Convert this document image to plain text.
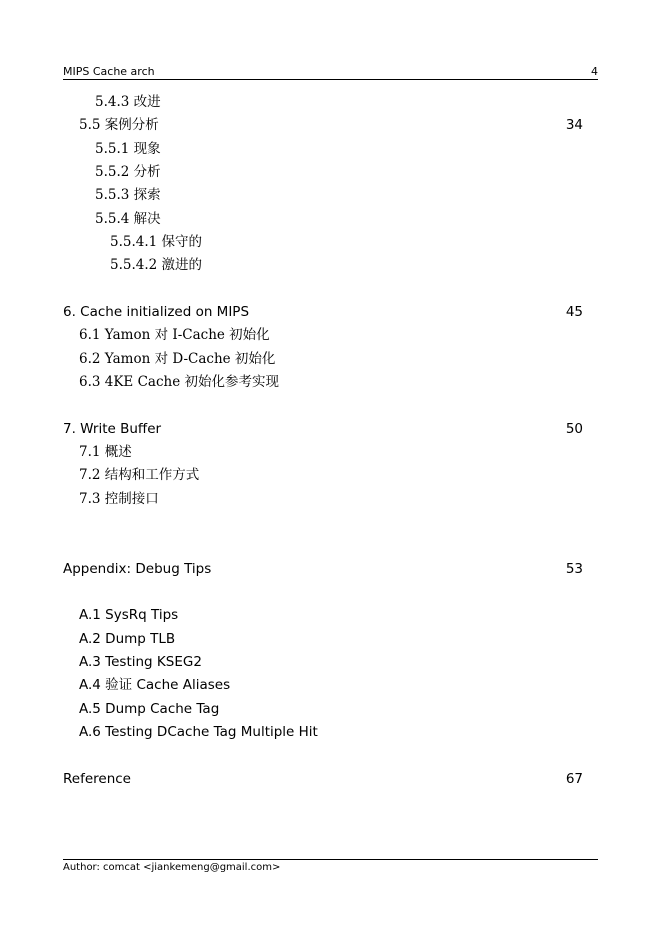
MIPS Cache arch	4
5.4.3 改进
5.5 案例分析	34
5.5.1 现象
5.5.2 分析
5.5.3 探索
5.5.4 解决
5.5.4.1 保守的
5.5.4.2 激进的
6. Cache initialized on MIPS	45
6.1 Yamon 对 I-Cache 初始化
6.2 Yamon 对 D-Cache 初始化
6.3 4KE Cache 初始化参考实现
7. Write Buffer	50
7.1 概述
7.2 结构和工作方式
7.3 控制接口
Appendix: Debug Tips	53
A.1 SysRq Tips
A.2 Dump TLB
A.3 Testing KSEG2
A.4 验证 Cache Aliases
A.5 Dump Cache Tag
A.6 Testing DCache Tag Multiple Hit
Reference	67
Author: comcat <jiankemeng@gmail.com>
